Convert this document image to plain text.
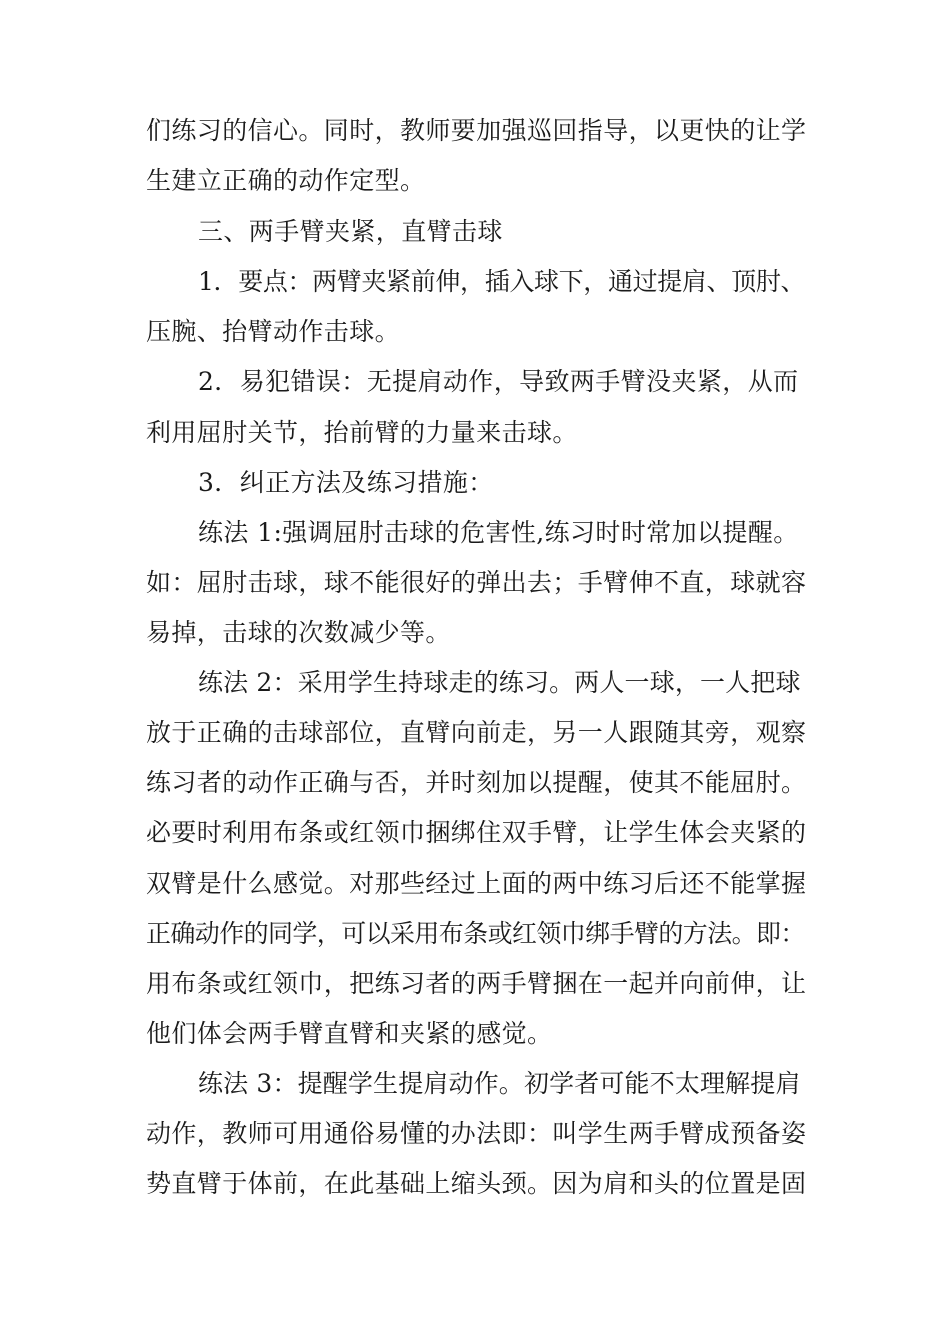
们练习的信心。同时，教师要加强巡回指导，以更快的让学
生建立正确的动作定型。
三、两手臂夹紧，直臂击球
1．要点：两臂夹紧前伸，插入球下，通过提肩、顶肘、
压腕、抬臂动作击球。
2．易犯错误：无提肩动作，导致两手臂没夹紧，从而
利用屈肘关节，抬前臂的力量来击球。
3．纠正方法及练习措施：
练法 1:强调屈肘击球的危害性,练习时时常加以提醒。
如：屈肘击球，球不能很好的弹出去；手臂伸不直，球就容
易掉，击球的次数减少等。
练法 2：采用学生持球走的练习。两人一球，一人把球
放于正确的击球部位，直臂向前走，另一人跟随其旁，观察
练习者的动作正确与否，并时刻加以提醒，使其不能屈肘。
必要时利用布条或红领巾捆绑住双手臂，让学生体会夹紧的
双臂是什么感觉。对那些经过上面的两中练习后还不能掌握
正确动作的同学，可以采用布条或红领巾绑手臂的方法。即：
用布条或红领巾，把练习者的两手臂捆在一起并向前伸，让
他们体会两手臂直臂和夹紧的感觉。
练法 3：提醒学生提肩动作。初学者可能不太理解提肩
动作，教师可用通俗易懂的办法即：叫学生两手臂成预备姿
势直臂于体前，在此基础上缩头颈。因为肩和头的位置是固
